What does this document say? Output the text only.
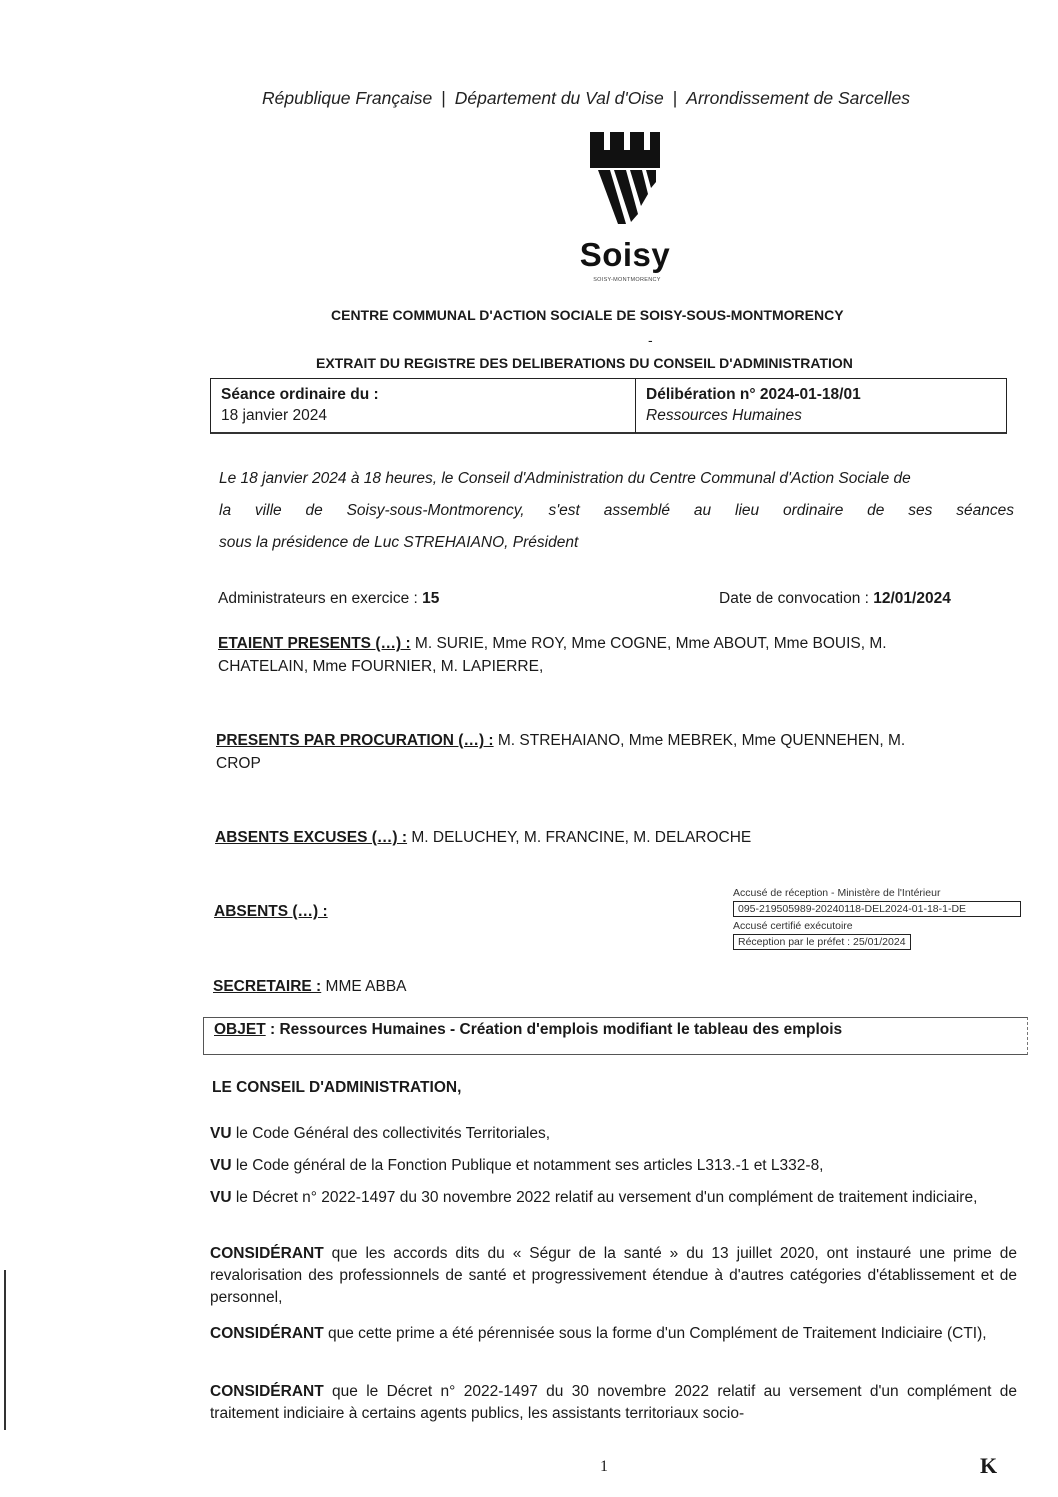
République Française | Département du Val d'Oise | Arrondissement de Sarcelles
Soisy
SOISY-MONTMORENCY
CENTRE COMMUNAL D'ACTION SOCIALE DE SOISY-SOUS-MONTMORENCY
-
EXTRAIT DU REGISTRE DES DELIBERATIONS DU CONSEIL D'ADMINISTRATION
Séance ordinaire du :
18 janvier 2024
Délibération n° 2024-01-18/01
Ressources Humaines
Le 18 janvier 2024 à 18 heures, le Conseil d'Administration du Centre Communal d'Action Sociale de
la ville de Soisy-sous-Montmorency, s'est assemblé au lieu ordinaire de ses séances
sous la présidence de Luc STREHAIANO, Président
Administrateurs en exercice : 15	Date de convocation : 12/01/2024
ETAIENT PRESENTS (…) : M. SURIE, Mme ROY, Mme COGNE, Mme ABOUT, Mme BOUIS, M.
CHATELAIN, Mme FOURNIER, M. LAPIERRE,
PRESENTS PAR PROCURATION (…) : M. STREHAIANO, Mme MEBREK, Mme QUENNEHEN, M.
CROP
ABSENTS EXCUSES (…) : M. DELUCHEY, M. FRANCINE, M. DELAROCHE
ABSENTS (…) :
Accusé de réception - Ministère de l'Intérieur
095-219505989-20240118-DEL2024-01-18-1-DE
Accusé certifié exécutoire
Réception par le préfet : 25/01/2024
SECRETAIRE : MME ABBA
OBJET : Ressources Humaines - Création d'emplois modifiant le tableau des emplois
LE CONSEIL D'ADMINISTRATION,
VU le Code Général des collectivités Territoriales,
VU le Code général de la Fonction Publique et notamment ses articles L313.-1 et L332-8,
VU le Décret n° 2022-1497 du 30 novembre 2022 relatif au versement d'un complément de traitement indiciaire,
CONSIDÉRANT que les accords dits du « Ségur de la santé » du 13 juillet 2020, ont instauré une prime de revalorisation des professionnels de santé et progressivement étendue à d'autres catégories d'établissement et de personnel,
CONSIDÉRANT que cette prime a été pérennisée sous la forme d'un Complément de Traitement Indiciaire (CTI),
CONSIDÉRANT que le Décret n° 2022-1497 du 30 novembre 2022 relatif au versement d'un complément de traitement indiciaire à certains agents publics, les assistants territoriaux socio-
1	K
